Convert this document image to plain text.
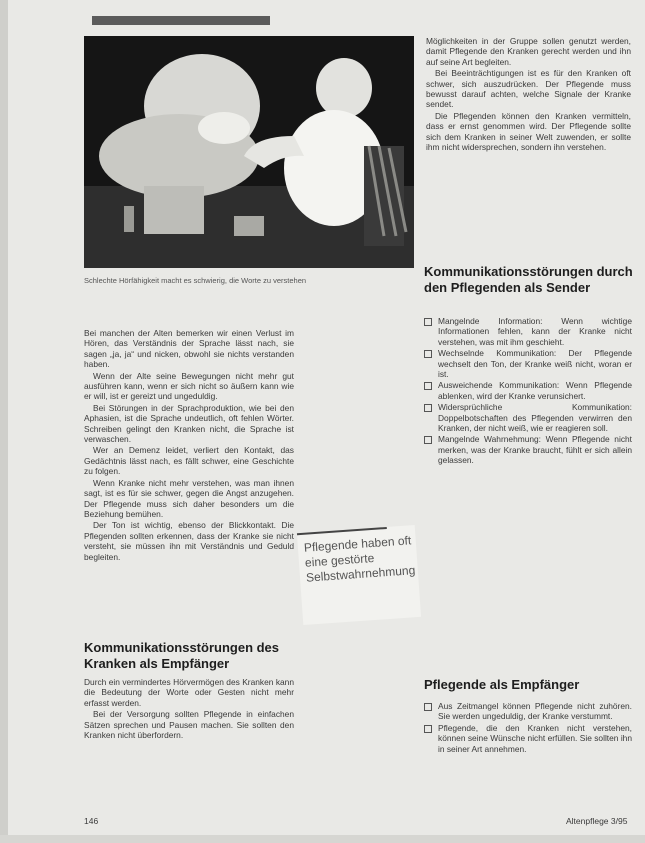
Schlechte Hörfähigkeit macht es schwierig, die Worte zu verstehen

Bei manchen der Alten bemerken wir einen Verlust im Hören, das Verständnis der Sprache lässt nach, sie sagen „ja, ja“ und nicken, obwohl sie nichts verstanden haben.

Wenn der Alte seine Bewegungen nicht mehr gut ausführen kann, wenn er sich nicht so äußern kann wie er will, ist er gereizt und ungeduldig.

Bei Störungen in der Sprachproduktion, wie bei den Aphasien, ist die Sprache undeutlich, oft fehlen Wörter. Schreiben gelingt den Kranken nicht, die Sprache ist verwaschen.

Wer an Demenz leidet, verliert den Kontakt, das Gedächtnis lässt nach, es fällt schwer, eine Geschichte zu folgen.

Wenn Kranke nicht mehr verstehen, was man ihnen sagt, ist es für sie schwer, gegen die Angst anzugehen. Der Pflegende muss sich daher besonders um die Beziehung bemühen.

Der Ton ist wichtig, ebenso der Blickkontakt. Die Pflegenden sollten erkennen, dass der Kranke sie nicht versteht, sie müssen ihn mit Verständnis und Geduld begleiten.

Pflegende haben oft eine gestörte Selbstwahrnehmung
Kommunikationsstörungen des Kranken als Empfänger

Durch ein vermindertes Hörvermögen des Kranken kann die Bedeutung der Worte oder Gesten nicht mehr erfasst werden.

Bei der Versorgung sollten Pflegende in einfachen Sätzen sprechen und Pausen machen. Sie sollten den Kranken nicht überfordern.

Möglichkeiten in der Gruppe sollen genutzt werden, damit Pflegende den Kranken gerecht werden und ihn auf seine Art begleiten.

Bei Beeinträchtigungen ist es für den Kranken oft schwer, sich auszudrücken. Der Pflegende muss bewusst darauf achten, welche Signale der Kranke sendet.

Die Pflegenden können den Kranken vermitteln, dass er ernst genommen wird. Der Pflegende sollte sich dem Kranken in seiner Welt zuwenden, er sollte ihm nicht widersprechen, sondern ihn verstehen.

Kommunikationsstörungen durch den Pflegenden als Sender
Mangelnde Information: Wenn wichtige Informationen fehlen, kann der Kranke nicht verstehen, was mit ihm geschieht.
Wechselnde Kommunikation: Der Pflegende wechselt den Ton, der Kranke weiß nicht, woran er ist.
Ausweichende Kommunikation: Wenn Pflegende ablenken, wird der Kranke verunsichert.
Widersprüchliche Kommunikation: Doppelbotschaften des Pflegenden verwirren den Kranken, der nicht weiß, wie er reagieren soll.
Mangelnde Wahrnehmung: Wenn Pflegende nicht merken, was der Kranke braucht, fühlt er sich allein gelassen.
Pflegende als Empfänger
Aus Zeitmangel können Pflegende nicht zuhören. Sie werden ungeduldig, der Kranke verstummt.
Pflegende, die den Kranken nicht verstehen, können seine Wünsche nicht erfüllen. Sie sollten ihn in seiner Art annehmen.
146	Altenpflege 3/95
